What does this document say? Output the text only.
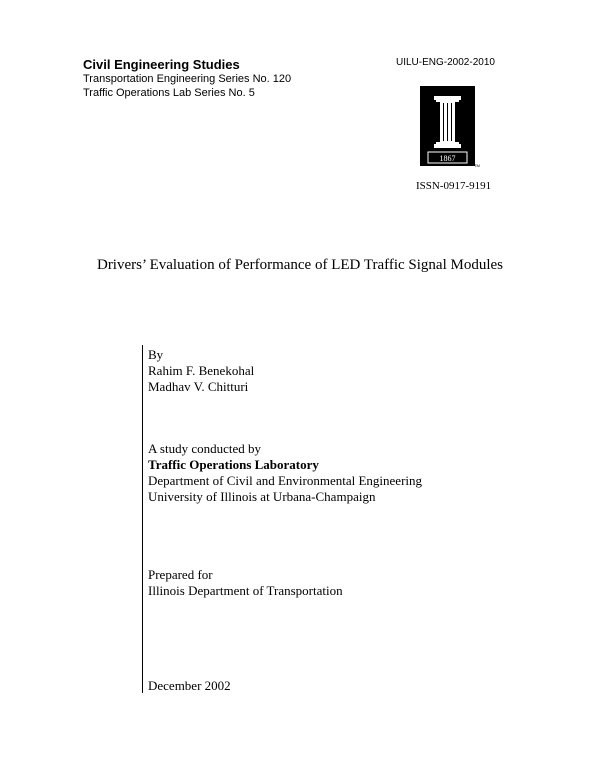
Civil Engineering Studies
Transportation Engineering Series No. 120
Traffic Operations Lab Series No. 5
UILU-ENG-2002-2010
1867
TM
ISSN-0917-9191
Drivers’ Evaluation of Performance of LED Traffic Signal Modules
By
Rahim F. Benekohal
Madhav V. Chitturi
A study conducted by
Traffic Operations Laboratory
Department of Civil and Environmental Engineering
University of Illinois at Urbana-Champaign
Prepared for
Illinois Department of Transportation
December 2002
